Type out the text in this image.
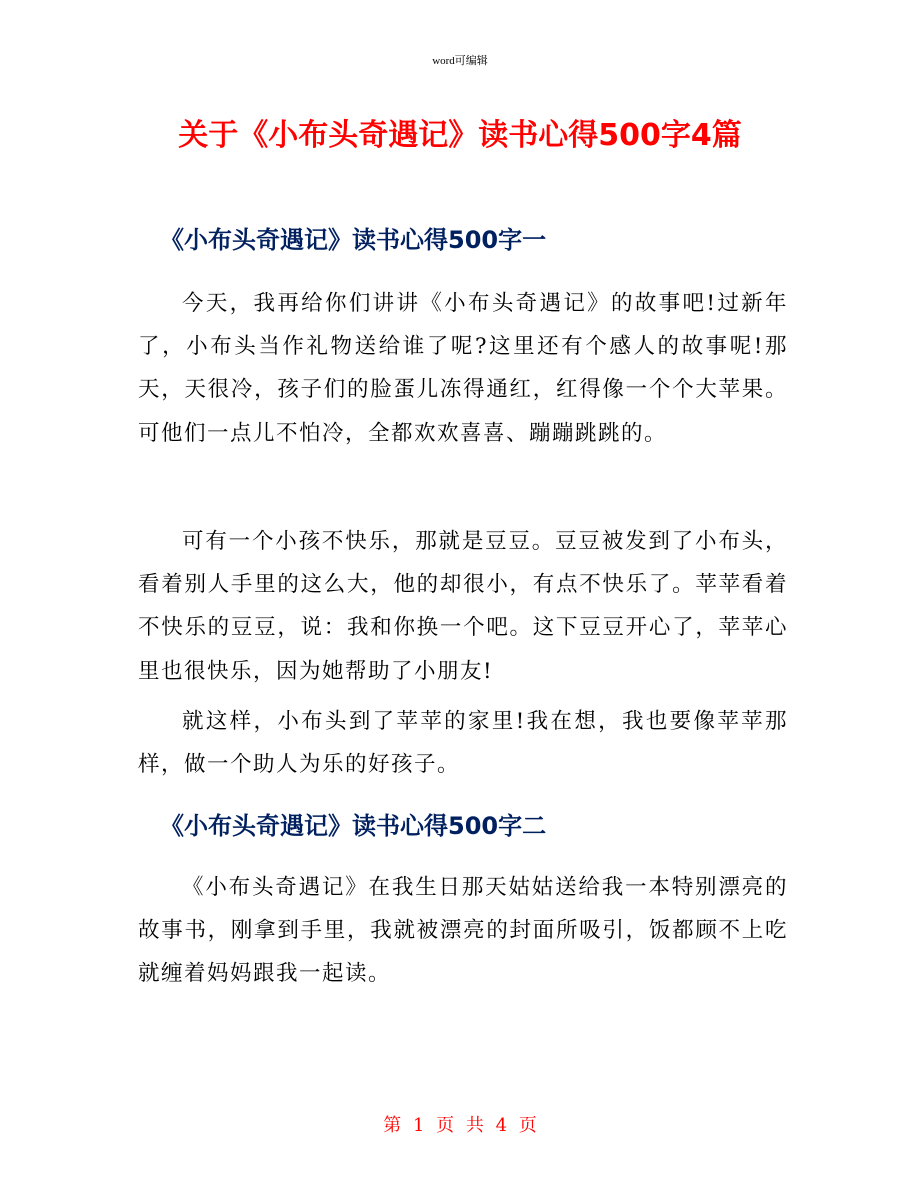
word可编辑
关于《小布头奇遇记》读书心得500字4篇
《小布头奇遇记》读书心得500字一

今天，我再给你们讲讲《小布头奇遇记》的故事吧!过新年了，小布头当作礼物送给谁了呢?这里还有个感人的故事呢!那天，天很冷，孩子们的脸蛋儿冻得通红，红得像一个个大苹果。可他们一点儿不怕冷，全都欢欢喜喜、蹦蹦跳跳的。

可有一个小孩不快乐，那就是豆豆。豆豆被发到了小布头，看着别人手里的这么大，他的却很小，有点不快乐了。苹苹看着不快乐的豆豆，说：我和你换一个吧。这下豆豆开心了，苹苹心里也很快乐，因为她帮助了小朋友!

就这样，小布头到了苹苹的家里!我在想，我也要像苹苹那样，做一个助人为乐的好孩子。

《小布头奇遇记》读书心得500字二

《小布头奇遇记》在我生日那天姑姑送给我一本特别漂亮的故事书，刚拿到手里，我就被漂亮的封面所吸引，饭都顾不上吃就缠着妈妈跟我一起读。

第 1 页 共 4 页
